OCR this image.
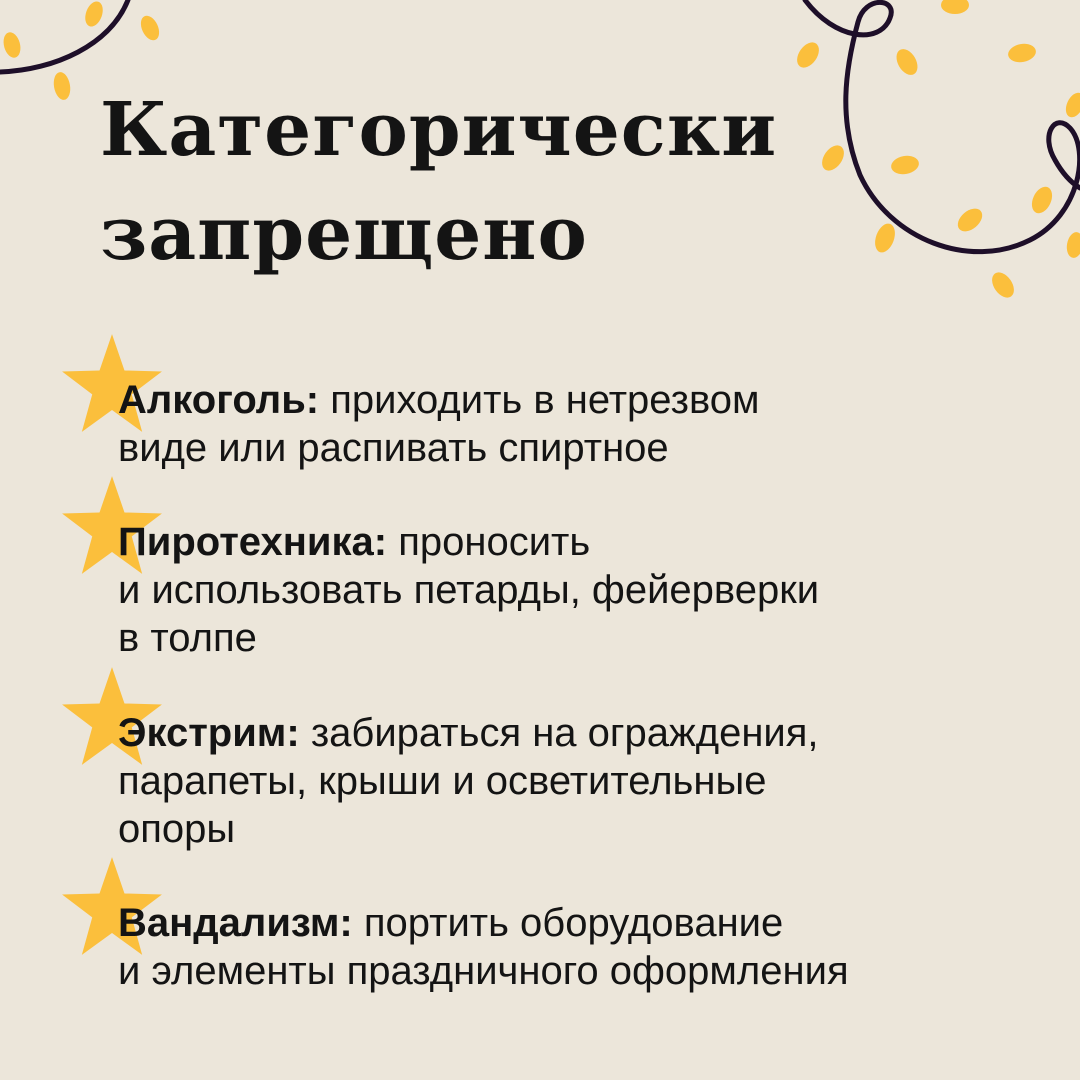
Категорически
запрещено
Алкоголь: приходить в нетрезвом
виде или распивать спиртное
Пиротехника: проносить
и использовать петарды, фейерверки
в толпе
Экстрим: забираться на ограждения,
парапеты, крыши и осветительные
опоры
Вандализм: портить оборудование
и элементы праздничного оформления
